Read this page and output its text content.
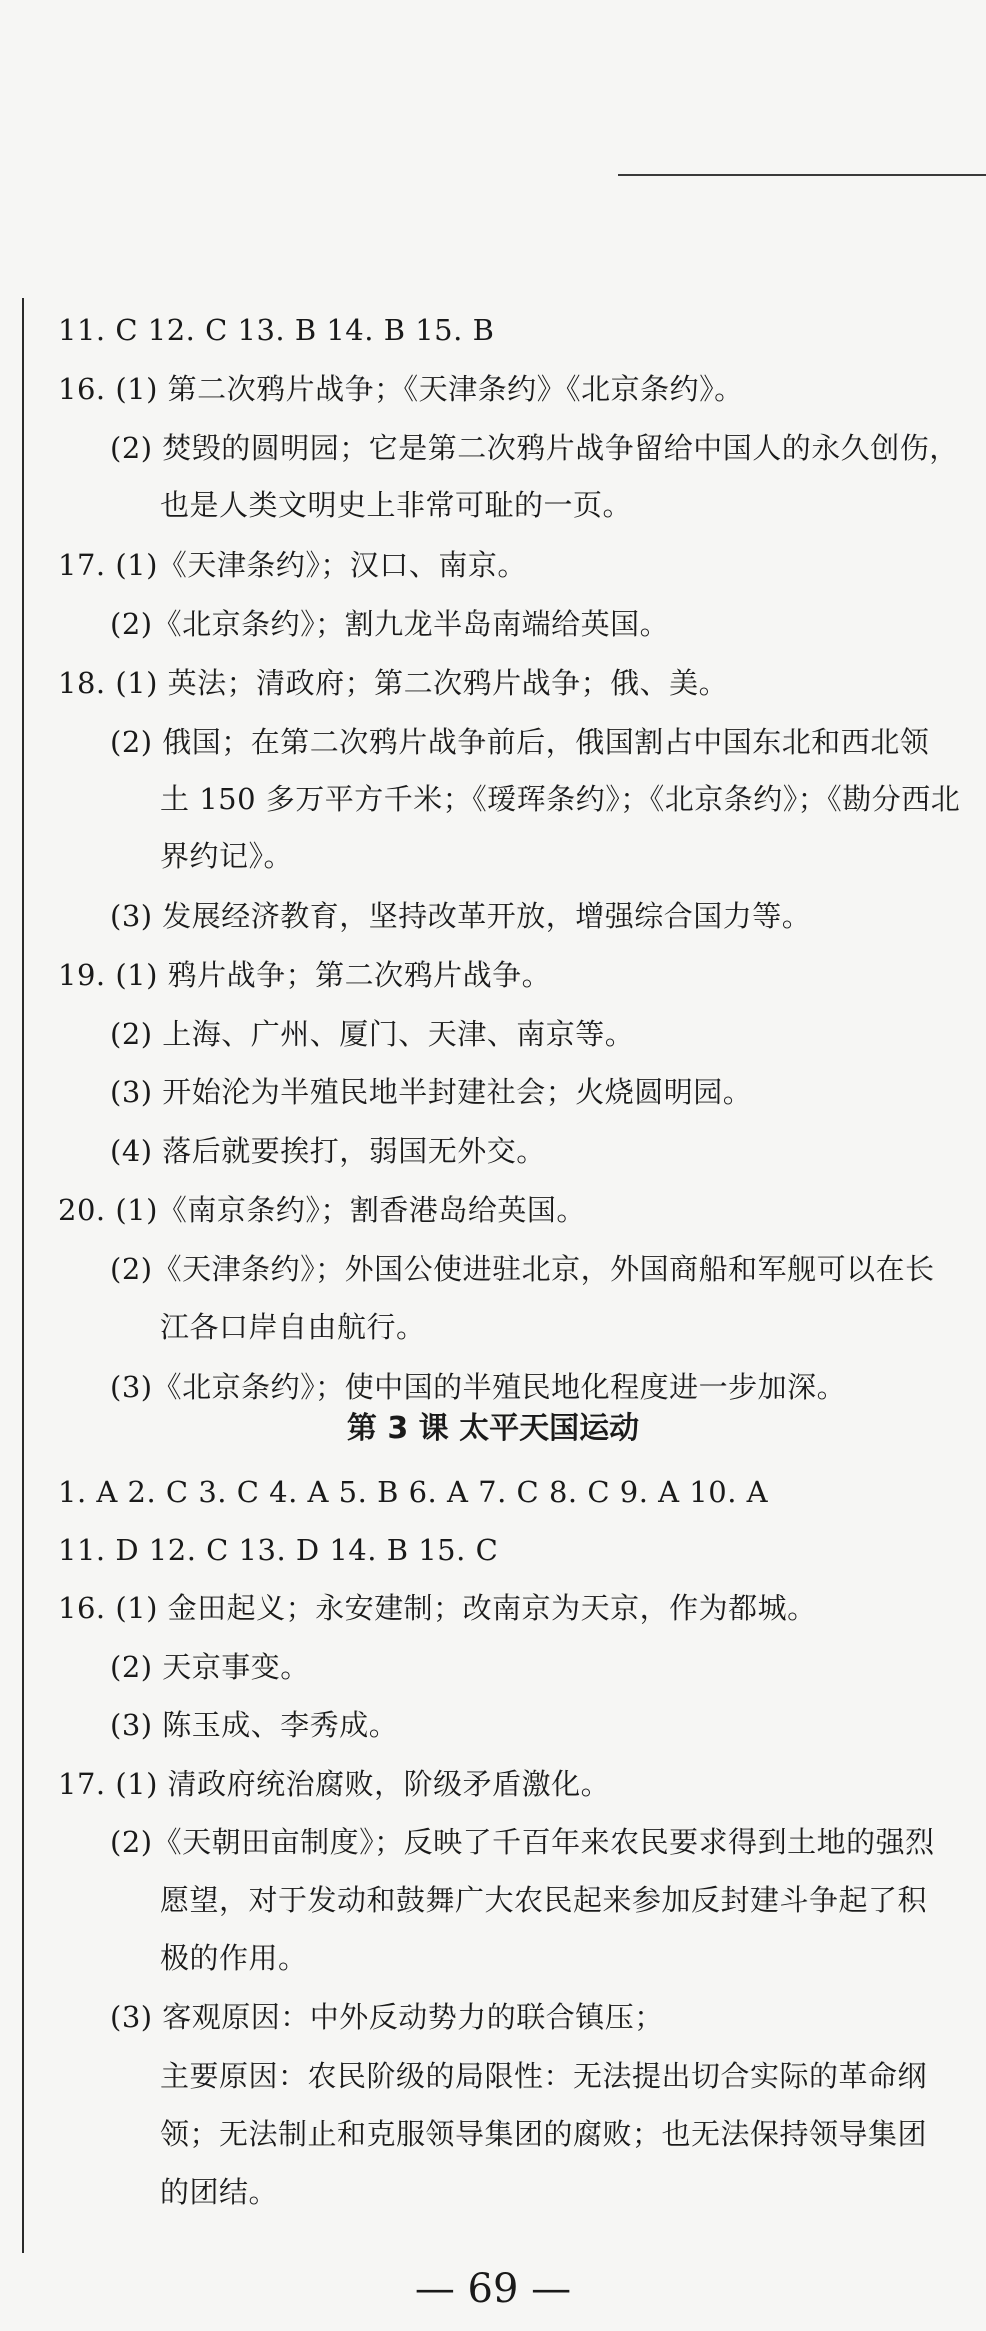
11. C 12. C 13. B 14. B 15. B
16. (1) 第二次鸦片战争；《天津条约》《北京条约》。
(2) 焚毁的圆明园；它是第二次鸦片战争留给中国人的永久创伤，
也是人类文明史上非常可耻的一页。
17. (1)《天津条约》；汉口、南京。
(2)《北京条约》；割九龙半岛南端给英国。
18. (1) 英法；清政府；第二次鸦片战争；俄、美。
(2) 俄国；在第二次鸦片战争前后，俄国割占中国东北和西北领
土 150 多万平方千米；《瑷珲条约》；《北京条约》；《勘分西北
界约记》。
(3) 发展经济教育，坚持改革开放，增强综合国力等。
19. (1) 鸦片战争；第二次鸦片战争。
(2) 上海、广州、厦门、天津、南京等。
(3) 开始沦为半殖民地半封建社会；火烧圆明园。
(4) 落后就要挨打，弱国无外交。
20. (1)《南京条约》；割香港岛给英国。
(2)《天津条约》；外国公使进驻北京，外国商船和军舰可以在长
江各口岸自由航行。
(3)《北京条约》；使中国的半殖民地化程度进一步加深。
第 3 课 太平天国运动
1. A 2. C 3. C 4. A 5. B 6. A 7. C 8. C 9. A 10. A
11. D 12. C 13. D 14. B 15. C
16. (1) 金田起义；永安建制；改南京为天京，作为都城。
(2) 天京事变。
(3) 陈玉成、李秀成。
17. (1) 清政府统治腐败，阶级矛盾激化。
(2)《天朝田亩制度》；反映了千百年来农民要求得到土地的强烈
愿望，对于发动和鼓舞广大农民起来参加反封建斗争起了积
极的作用。
(3) 客观原因：中外反动势力的联合镇压；
主要原因：农民阶级的局限性：无法提出切合实际的革命纲
领；无法制止和克服领导集团的腐败；也无法保持领导集团
的团结。
— 69 —
